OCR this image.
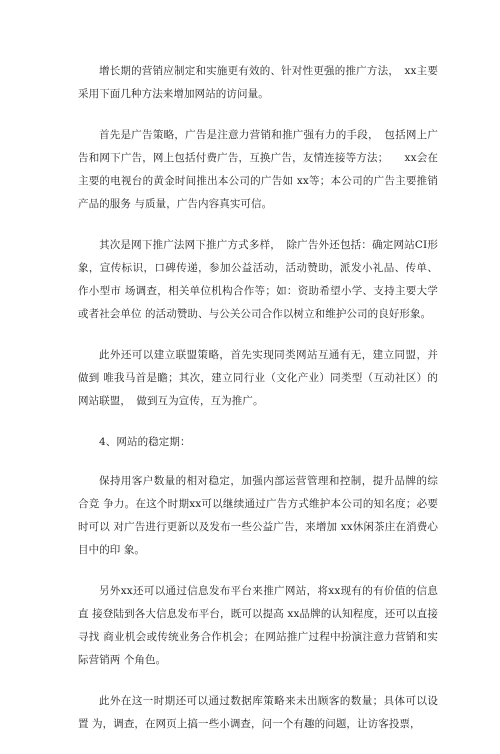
增长期的营销应制定和实施更有效的、针对性更强的推广方法，　xx主要采用下面几种方法来增加网站的访问量。

首先是广告策略，广告是注意力营销和推广强有力的手段，　包括网上广告和网下广告，网上包括付费广告，互换广告，友情连接等方法；　　xx会在主要的电视台的黄金时间推出本公司的广告如 xx等；本公司的广告主要推销产品的服务 与质量，广告内容真实可信。

其次是网下推广法网下推广方式多样，　除广告外还包括：确定网站CI形象，宣传标识，口碑传递，参加公益活动，活动赞助，派发小礼品、传单、作小型市 场调查，相关单位机构合作等；如：资助希望小学、支持主要大学或者社会单位 的活动赞助、与公关公司合作以树立和维护公司的良好形象。

此外还可以建立联盟策略，首先实现同类网站互通有无，建立同盟，并做到 唯我马首是瞻；其次，建立同行业（文化产业）同类型（互动社区）的网站联盟，　做到互为宣传，互为推广。

4、网站的稳定期：

保持用客户数量的相对稳定，加强内部运营管理和控制，提升品牌的综合竞 争力。在这个时期xx可以继续通过广告方式维护本公司的知名度；必要时可以 对广告进行更新以及发布一些公益广告，来增加 xx休闲茶庄在消费心目中的印 象。

另外xx还可以通过信息发布平台来推广网站，将xx现有的有价值的信息直 接登陆到各大信息发布平台，既可以提高 xx品牌的认知程度，还可以直接寻找 商业机会或传统业务合作机会；在网站推广过程中扮演注意力营销和实际营销两 个角色。

此外在这一时期还可以通过数据库策略来未出顾客的数量；具体可以设置 为，调查，在网页上搞一些小调查，问一个有趣的问题，让访客投票，
